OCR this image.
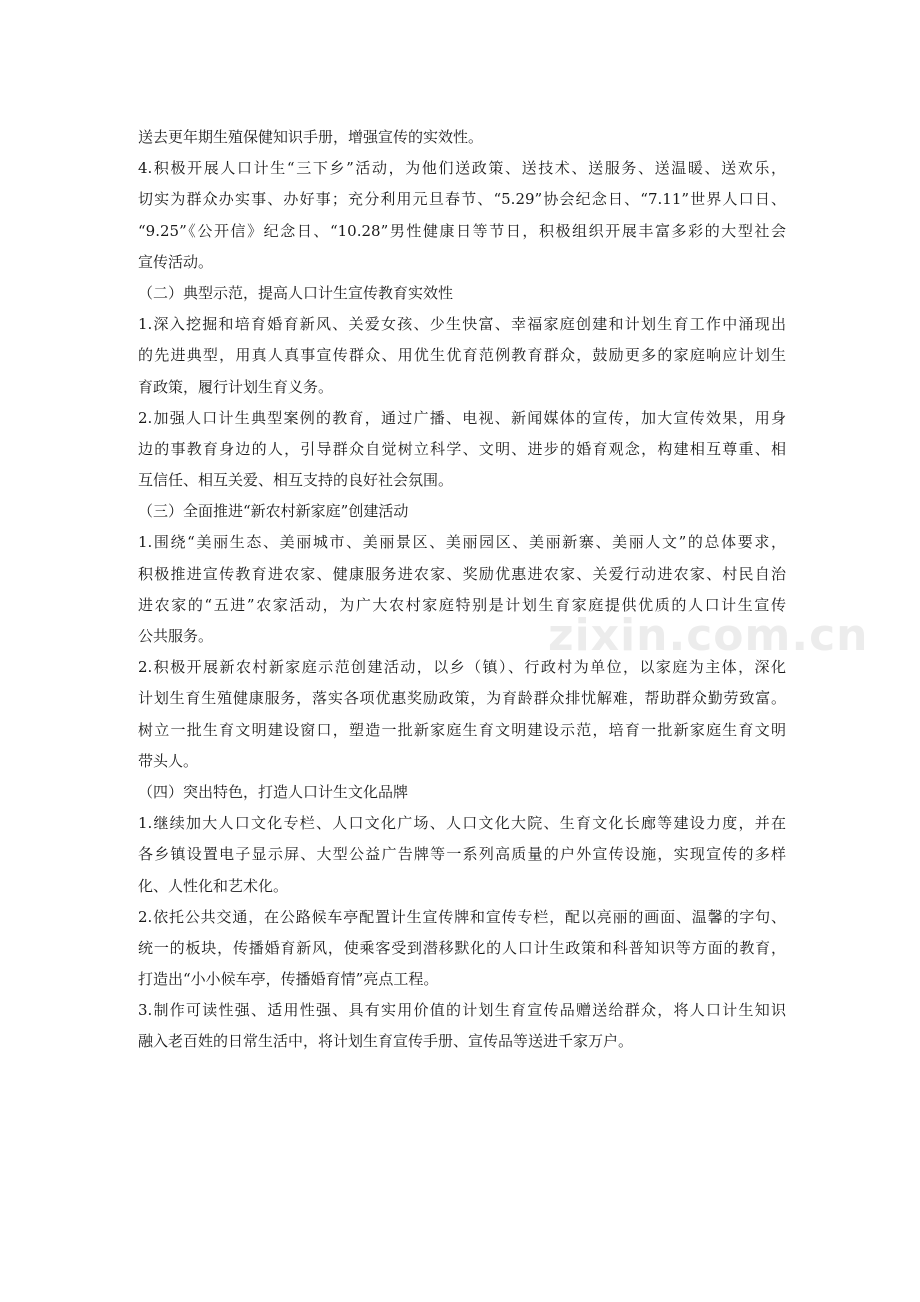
送去更年期生殖保健知识手册，增强宣传的实效性。
4.积极开展人口计生“三下乡”活动，为他们送政策、送技术、送服务、送温暖、送欢乐，
切实为群众办实事、办好事；充分利用元旦春节、“5.29”协会纪念日、“7.11”世界人口日、
“9.25”《公开信》纪念日、“10.28”男性健康日等节日，积极组织开展丰富多彩的大型社会
宣传活动。
（二）典型示范，提高人口计生宣传教育实效性
1.深入挖掘和培育婚育新风、关爱女孩、少生快富、幸福家庭创建和计划生育工作中涌现出
的先进典型，用真人真事宣传群众、用优生优育范例教育群众，鼓励更多的家庭响应计划生
育政策，履行计划生育义务。
2.加强人口计生典型案例的教育，通过广播、电视、新闻媒体的宣传，加大宣传效果，用身
边的事教育身边的人，引导群众自觉树立科学、文明、进步的婚育观念，构建相互尊重、相
互信任、相互关爱、相互支持的良好社会氛围。
（三）全面推进“新农村新家庭”创建活动
1.围绕“美丽生态、美丽城市、美丽景区、美丽园区、美丽新寨、美丽人文”的总体要求，
积极推进宣传教育进农家、健康服务进农家、奖励优惠进农家、关爱行动进农家、村民自治
进农家的“五进”农家活动，为广大农村家庭特别是计划生育家庭提供优质的人口计生宣传
公共服务。
2.积极开展新农村新家庭示范创建活动，以乡（镇）、行政村为单位，以家庭为主体，深化
计划生育生殖健康服务，落实各项优惠奖励政策，为育龄群众排忧解难，帮助群众勤劳致富。
树立一批生育文明建设窗口，塑造一批新家庭生育文明建设示范，培育一批新家庭生育文明
带头人。
（四）突出特色，打造人口计生文化品牌
1.继续加大人口文化专栏、人口文化广场、人口文化大院、生育文化长廊等建设力度，并在
各乡镇设置电子显示屏、大型公益广告牌等一系列高质量的户外宣传设施，实现宣传的多样
化、人性化和艺术化。
2.依托公共交通，在公路候车亭配置计生宣传牌和宣传专栏，配以亮丽的画面、温馨的字句、
统一的板块，传播婚育新风，使乘客受到潜移默化的人口计生政策和科普知识等方面的教育，
打造出“小小候车亭，传播婚育情”亮点工程。
3.制作可读性强、适用性强、具有实用价值的计划生育宣传品赠送给群众，将人口计生知识
融入老百姓的日常生活中，将计划生育宣传手册、宣传品等送进千家万户。
zixin.com.cn
